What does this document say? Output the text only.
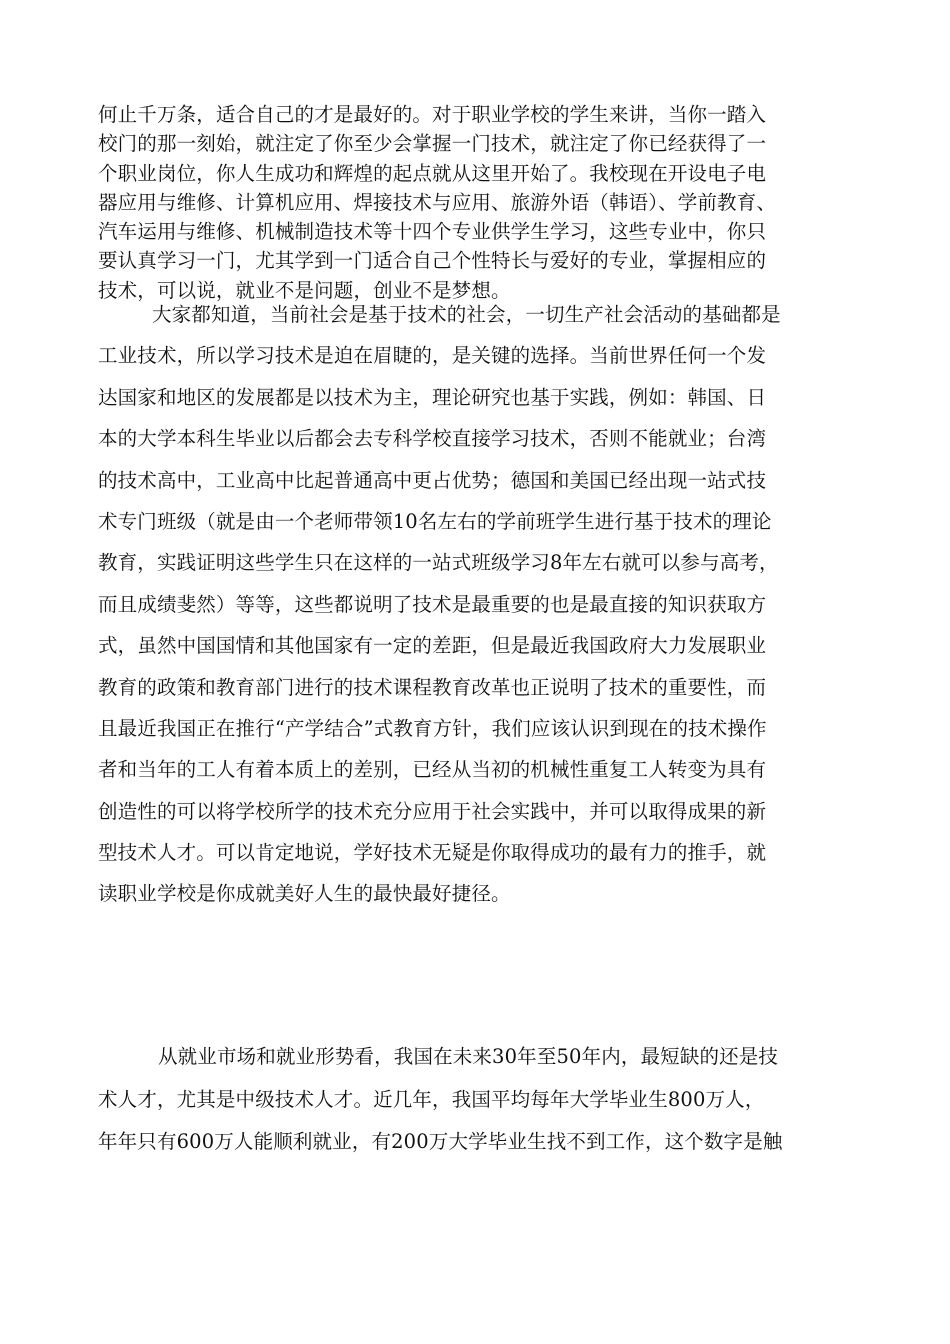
何止千万条，适合自己的才是最好的。对于职业学校的学生来讲，当你一踏入
校门的那一刻始，就注定了你至少会掌握一门技术，就注定了你已经获得了一
个职业岗位，你人生成功和辉煌的起点就从这里开始了。我校现在开设电子电
器应用与维修、计算机应用、焊接技术与应用、旅游外语（韩语）、学前教育、
汽车运用与维修、机械制造技术等十四个专业供学生学习，这些专业中，你只
要认真学习一门，尤其学到一门适合自己个性特长与爱好的专业，掌握相应的
技术，可以说，就业不是问题，创业不是梦想。
大家都知道，当前社会是基于技术的社会，一切生产社会活动的基础都是
工业技术，所以学习技术是迫在眉睫的，是关键的选择。当前世界任何一个发
达国家和地区的发展都是以技术为主，理论研究也基于实践，例如：韩国、日
本的大学本科生毕业以后都会去专科学校直接学习技术，否则不能就业；台湾
的技术高中，工业高中比起普通高中更占优势；德国和美国已经出现一站式技
术专门班级（就是由一个老师带领10名左右的学前班学生进行基于技术的理论
教育，实践证明这些学生只在这样的一站式班级学习8年左右就可以参与高考，
而且成绩斐然）等等，这些都说明了技术是最重要的也是最直接的知识获取方
式，虽然中国国情和其他国家有一定的差距，但是最近我国政府大力发展职业
教育的政策和教育部门进行的技术课程教育改革也正说明了技术的重要性，而
且最近我国正在推行“产学结合”式教育方针，我们应该认识到现在的技术操作
者和当年的工人有着本质上的差别，已经从当初的机械性重复工人转变为具有
创造性的可以将学校所学的技术充分应用于社会实践中，并可以取得成果的新
型技术人才。可以肯定地说，学好技术无疑是你取得成功的最有力的推手，就
读职业学校是你成就美好人生的最快最好捷径。
从就业市场和就业形势看，我国在未来30年至50年内，最短缺的还是技
术人才，尤其是中级技术人才。近几年，我国平均每年大学毕业生800万人，
年年只有600万人能顺利就业，有200万大学毕业生找不到工作，这个数字是触
